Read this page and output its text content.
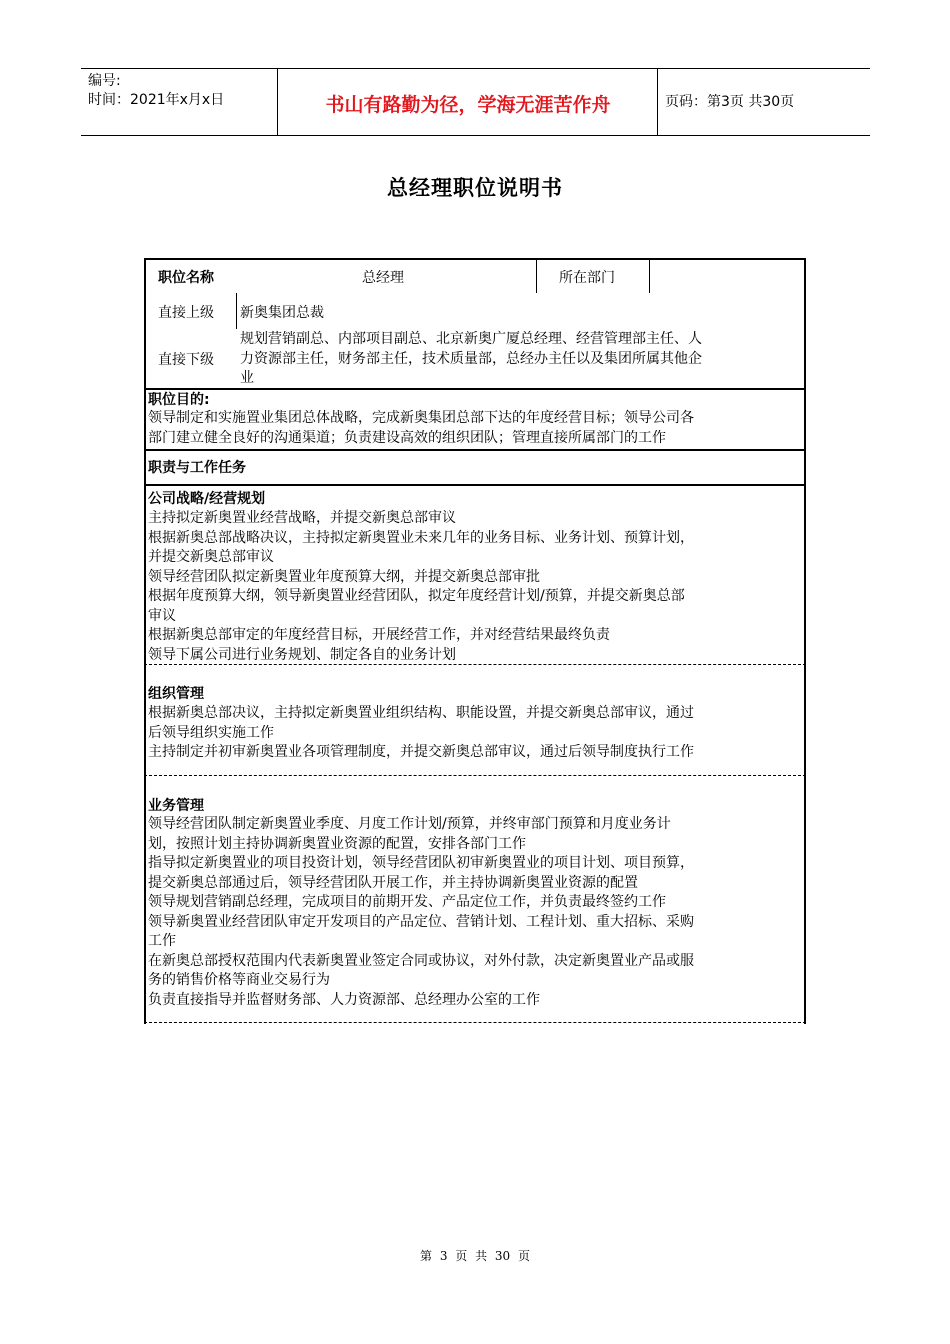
编号:
时间：2021年x月x日	书山有路勤为径，学海无涯苦作舟	页码：第3页 共30页
总经理职位说明书
职位名称	总经理	所在部门
直接上级 新奥集团总裁
直接下级
规划营销副总、内部项目副总、北京新奥广厦总经理、经营管理部主任、人
力资源部主任，财务部主任，技术质量部，总经办主任以及集团所属其他企
业
职位目的:
领导制定和实施置业集团总体战略，完成新奥集团总部下达的年度经营目标；领导公司各
部门建立健全良好的沟通渠道；负责建设高效的组织团队；管理直接所属部门的工作
职责与工作任务
公司战略/经营规划
主持拟定新奥置业经营战略，并提交新奥总部审议
根据新奥总部战略决议，主持拟定新奥置业未来几年的业务目标、业务计划、预算计划，
并提交新奥总部审议
领导经营团队拟定新奥置业年度预算大纲，并提交新奥总部审批
根据年度预算大纲，领导新奥置业经营团队，拟定年度经营计划/预算，并提交新奥总部
审议
根据新奥总部审定的年度经营目标，开展经营工作，并对经营结果最终负责
领导下属公司进行业务规划、制定各自的业务计划
组织管理
根据新奥总部决议，主持拟定新奥置业组织结构、职能设置，并提交新奥总部审议，通过
后领导组织实施工作
主持制定并初审新奥置业各项管理制度，并提交新奥总部审议，通过后领导制度执行工作
业务管理
领导经营团队制定新奥置业季度、月度工作计划/预算，并终审部门预算和月度业务计
划，按照计划主持协调新奥置业资源的配置，安排各部门工作
指导拟定新奥置业的项目投资计划，领导经营团队初审新奥置业的项目计划、项目预算，
提交新奥总部通过后，领导经营团队开展工作，并主持协调新奥置业资源的配置
领导规划营销副总经理，完成项目的前期开发、产品定位工作，并负责最终签约工作
领导新奥置业经营团队审定开发项目的产品定位、营销计划、工程计划、重大招标、采购
工作
在新奥总部授权范围内代表新奥置业签定合同或协议，对外付款，决定新奥置业产品或服
务的销售价格等商业交易行为
负责直接指导并监督财务部、人力资源部、总经理办公室的工作
第 3 页 共 30 页
